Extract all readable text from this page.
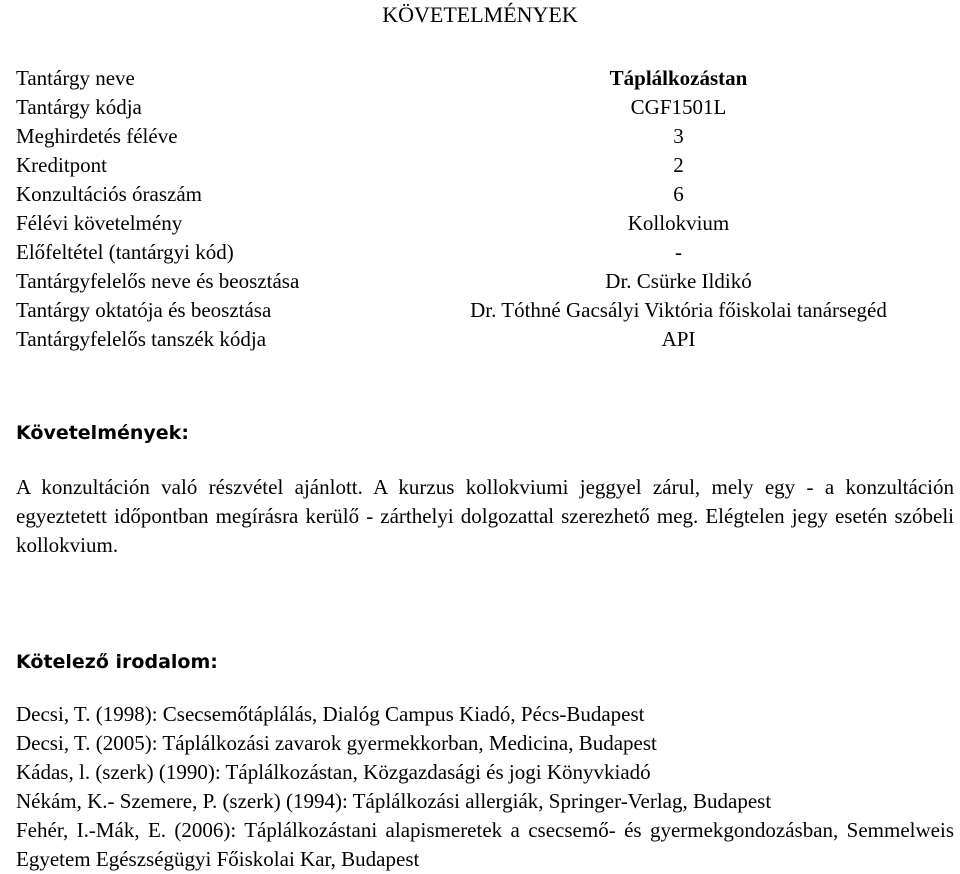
KÖVETELMÉNYEK
Tantárgy neve	Táplálkozástan
Tantárgy kódja	CGF1501L
Meghirdetés féléve	3
Kreditpont	2
Konzultációs óraszám	6
Félévi követelmény	Kollokvium
Előfeltétel (tantárgyi kód)	-
Tantárgyfelelős neve és beosztása	Dr. Csürke Ildikó
Tantárgy oktatója és beosztása	Dr. Tóthné Gacsályi Viktória főiskolai tanársegéd
Tantárgyfelelős tanszék kódja	API
Követelmények:
A konzultáción való részvétel ajánlott. A kurzus kollokviumi jeggyel zárul, mely egy - a konzultáción egyeztetett időpontban megírásra kerülő - zárthelyi dolgozattal szerezhető meg. Elégtelen jegy esetén szóbeli kollokvium.
Kötelező irodalom:
Decsi, T. (1998): Csecsemőtáplálás, Dialóg Campus Kiadó, Pécs-Budapest
Decsi, T. (2005): Táplálkozási zavarok gyermekkorban, Medicina, Budapest
Kádas, l. (szerk) (1990): Táplálkozástan, Közgazdasági és jogi Könyvkiadó
Nékám, K.- Szemere, P. (szerk) (1994): Táplálkozási allergiák, Springer-Verlag, Budapest
Fehér, I.-Mák, E. (2006): Táplálkozástani alapismeretek a csecsemő- és gyermekgondozásban, Semmelweis Egyetem Egészségügyi Főiskolai Kar, Budapest
